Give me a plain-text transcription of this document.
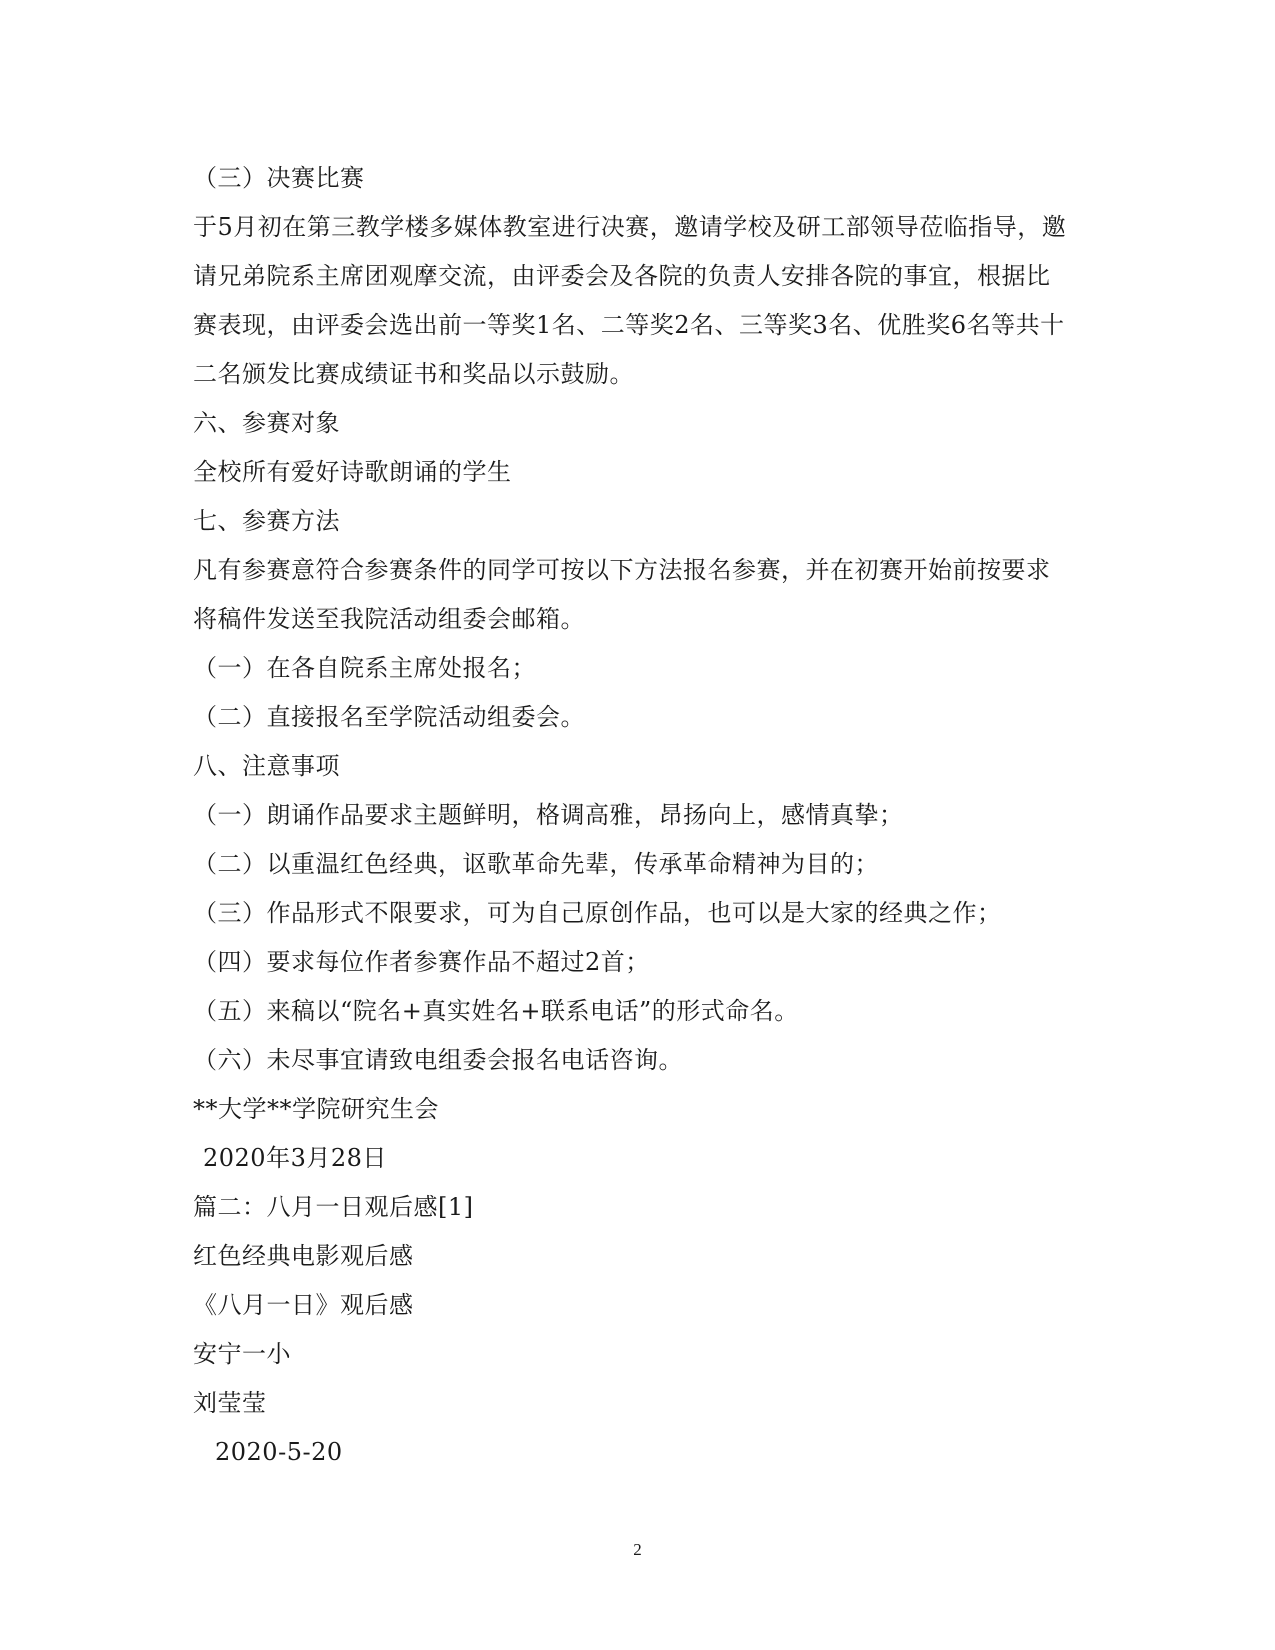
（三）决赛比赛
于5月初在第三教学楼多媒体教室进行决赛，邀请学校及研工部领导莅临指导，邀
请兄弟院系主席团观摩交流，由评委会及各院的负责人安排各院的事宜，根据比
赛表现，由评委会选出前一等奖1名、二等奖2名、三等奖3名、优胜奖6名等共十
二名颁发比赛成绩证书和奖品以示鼓励。
六、参赛对象
全校所有爱好诗歌朗诵的学生
七、参赛方法
凡有参赛意符合参赛条件的同学可按以下方法报名参赛，并在初赛开始前按要求
将稿件发送至我院活动组委会邮箱。
（一）在各自院系主席处报名；
（二）直接报名至学院活动组委会。
八、注意事项
（一）朗诵作品要求主题鲜明，格调高雅，昂扬向上，感情真挚；
（二）以重温红色经典，讴歌革命先辈，传承革命精神为目的；
（三）作品形式不限要求，可为自己原创作品，也可以是大家的经典之作；
（四）要求每位作者参赛作品不超过2首；
（五）来稿以“院名+真实姓名+联系电话”的形式命名。
（六）未尽事宜请致电组委会报名电话咨询。
**大学**学院研究生会
2020年3月28日
篇二：八月一日观后感[1]
红色经典电影观后感
《八月一日》观后感
安宁一小
刘莹莹
2020-5-20
2
